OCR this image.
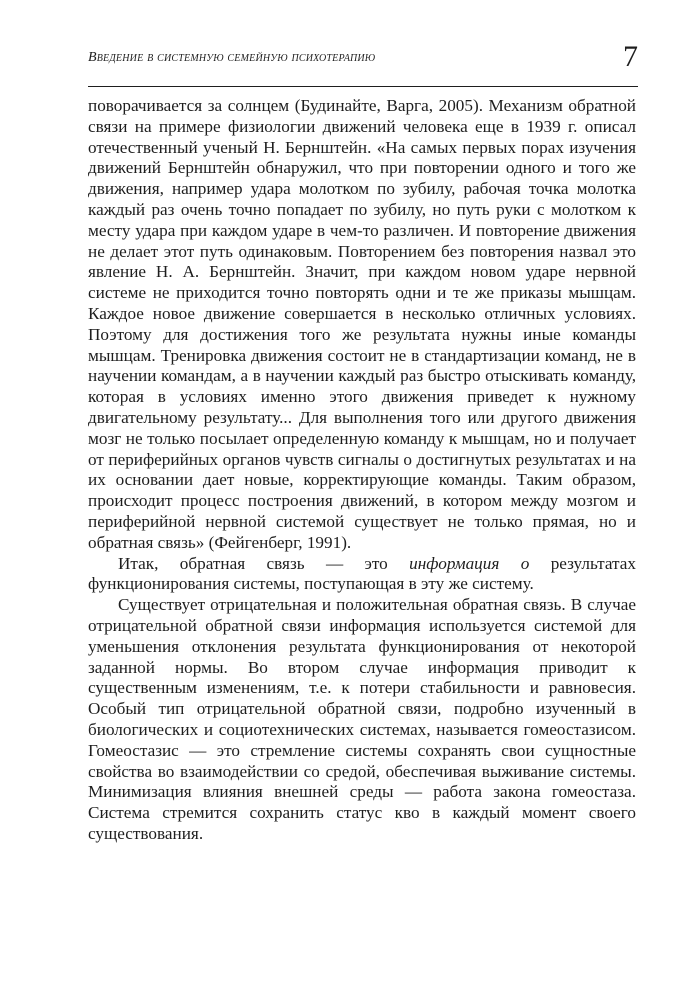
Введение в системную семейную психотерапию	7

поворачивается за солнцем (Будинайте, Варга, 2005). Механизм обратной связи на примере физиологии движений человека еще в 1939 г. описал отечественный ученый Н. Бернштейн. «На самых первых порах изучения движений Бернштейн обнаружил, что при повторении одного и того же движения, например удара молотком по зубилу, рабочая точка молотка каждый раз очень точно попадает по зубилу, но путь руки с молотком к месту удара при каждом ударе в чем-то различен. И повторение движения не делает этот путь одинаковым. Повторением без повторения назвал это явление Н. А. Бернштейн. Значит, при каждом новом ударе нервной системе не приходится точно повторять одни и те же приказы мышцам. Каждое новое движение совершается в несколько отличных условиях. Поэтому для достижения того же результата нужны иные команды мышцам. Тренировка движения состоит не в стандартизации команд, не в научении командам, а в научении каждый раз быстро отыскивать команду, которая в условиях именно этого движения приведет к нужному двигательному результату... Для выполнения того или другого движения мозг не только посылает определенную команду к мышцам, но и получает от периферийных органов чувств сигналы о достигнутых результатах и на их основании дает новые, корректирующие команды. Таким образом, происходит процесс построения движений, в котором между мозгом и периферийной нервной системой существует не только прямая, но и обратная связь» (Фейгенберг, 1991).

Итак, обратная связь — это информация о результатах функционирования системы, поступающая в эту же систему.

Существует отрицательная и положительная обратная связь. В случае отрицательной обратной связи информация используется системой для уменьшения отклонения результата функционирования от некоторой заданной нормы. Во втором случае информация приводит к существенным изменениям, т.е. к потери стабильности и равновесия. Особый тип отрицательной обратной связи, подробно изученный в биологических и социотехнических системах, называется гомеостазисом. Гомеостазис — это стремление системы сохранять свои сущностные свойства во взаимодействии со средой, обеспечивая выживание системы. Минимизация влияния внешней среды — работа закона гомеостаза. Система стремится сохранить статус кво в каждый момент своего существования.
